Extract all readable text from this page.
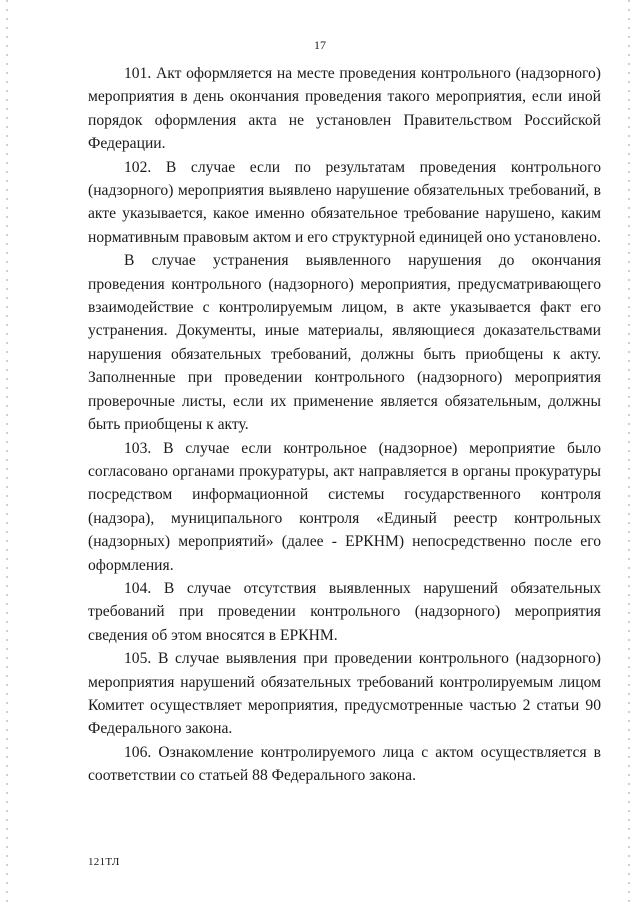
17

101. Акт оформляется на месте проведения контрольного (надзорного) мероприятия в день окончания проведения такого мероприятия, если иной порядок оформления акта не установлен Правительством Российской Федерации.

102. В случае если по результатам проведения контрольного (надзорного) мероприятия выявлено нарушение обязательных требований, в акте указывается, какое именно обязательное требование нарушено, каким нормативным правовым актом и его структурной единицей оно установлено.

В случае устранения выявленного нарушения до окончания проведения контрольного (надзорного) мероприятия, предусматривающего взаимодействие с контролируемым лицом, в акте указывается факт его устранения. Документы, иные материалы, являющиеся доказательствами нарушения обязательных требований, должны быть приобщены к акту. Заполненные при проведении контрольного (надзорного) мероприятия проверочные листы, если их применение является обязательным, должны быть приобщены к акту.

103. В случае если контрольное (надзорное) мероприятие было согласовано органами прокуратуры, акт направляется в органы прокуратуры посредством информационной системы государственного контроля (надзора), муниципального контроля «Единый реестр контрольных (надзорных) мероприятий» (далее - ЕРКНМ) непосредственно после его оформления.

104. В случае отсутствия выявленных нарушений обязательных требований при проведении контрольного (надзорного) мероприятия сведения об этом вносятся в ЕРКНМ.

105. В случае выявления при проведении контрольного (надзорного) мероприятия нарушений обязательных требований контролируемым лицом Комитет осуществляет мероприятия, предусмотренные частью 2 статьи 90 Федерального закона.

106. Ознакомление контролируемого лица с актом осуществляется в соответствии со статьей 88 Федерального закона.

121ТЛ
